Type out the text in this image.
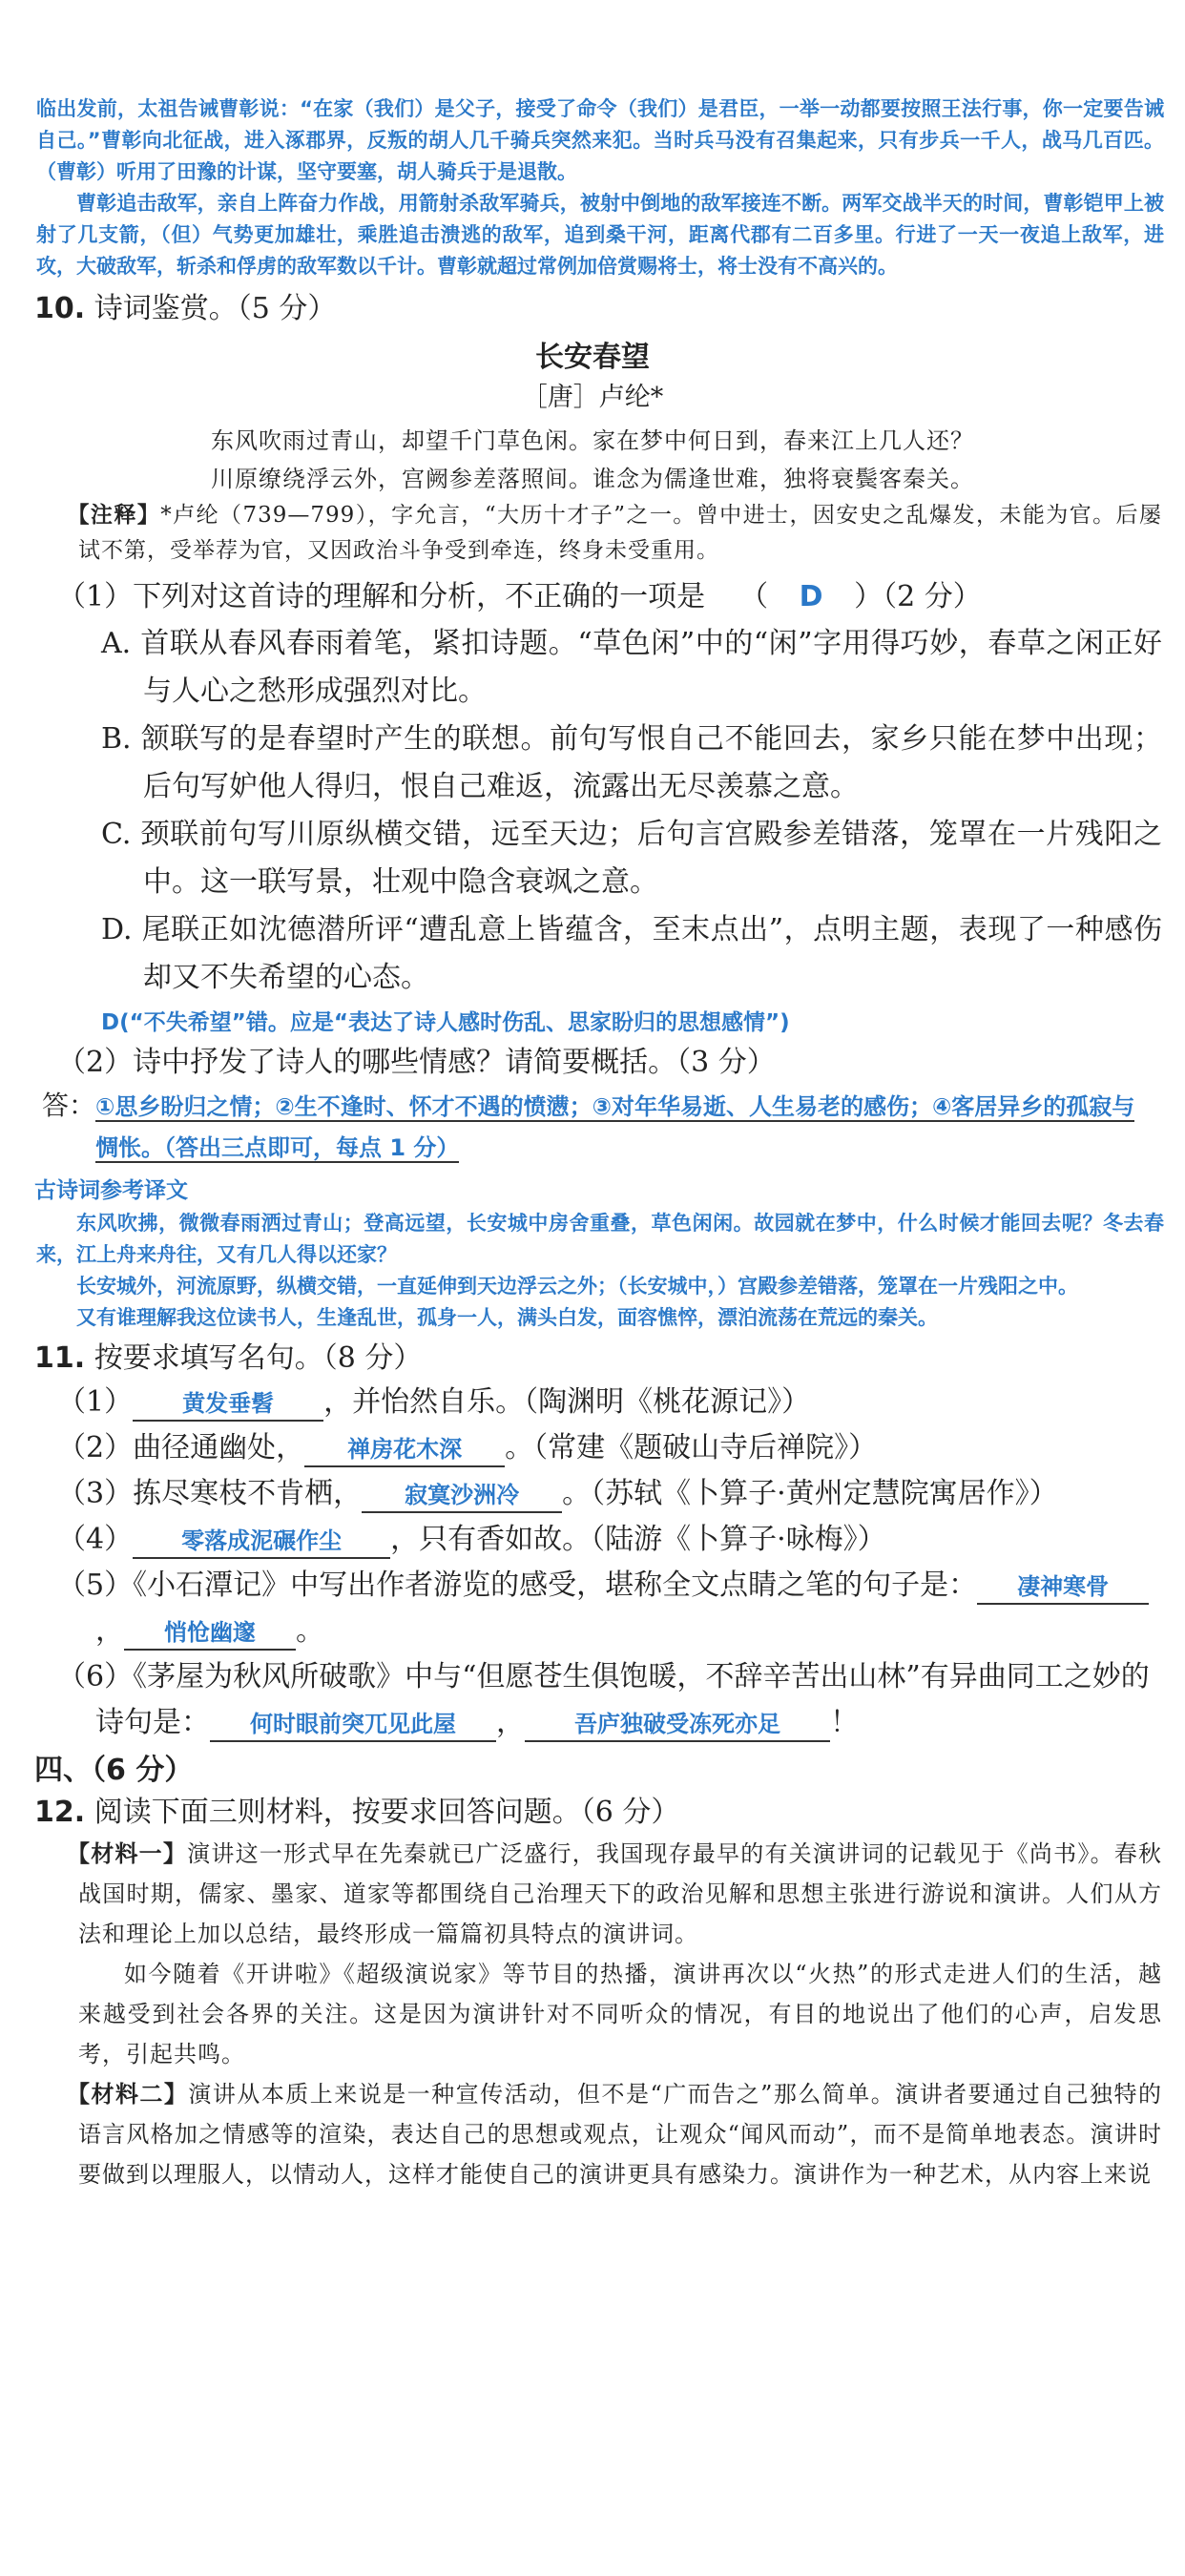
临出发前，太祖告诫曹彰说：“在家（我们）是父子，接受了命令（我们）是君臣，一举一动都要按照王法行事，你一定要告诫自己。”曹彰向北征战，进入涿郡界，反叛的胡人几千骑兵突然来犯。当时兵马没有召集起来，只有步兵一千人，战马几百匹。（曹彰）听用了田豫的计谋，坚守要塞，胡人骑兵于是退散。

曹彰追击敌军，亲自上阵奋力作战，用箭射杀敌军骑兵，被射中倒地的敌军接连不断。两军交战半天的时间，曹彰铠甲上被射了几支箭，（但）气势更加雄壮，乘胜追击溃逃的敌军，追到桑干河，距离代郡有二百多里。行进了一天一夜追上敌军，进攻，大破敌军，斩杀和俘虏的敌军数以千计。曹彰就超过常例加倍赏赐将士，将士没有不高兴的。

10. 诗词鉴赏。（5 分）

长安春望

［唐］卢纶*

东风吹雨过青山，却望千门草色闲。家在梦中何日到，春来江上几人还？

川原缭绕浮云外，宫阙参差落照间。谁念为儒逢世难，独将衰鬓客秦关。

【注释】*卢纶（739—799），字允言，“大历十才子”之一。曾中进士，因安史之乱爆发，未能为官。后屡试不第，受举荐为官，又因政治斗争受到牵连，终身未受重用。

（1）下列对这首诗的理解和分析，不正确的一项是 （ D ）（2 分）

A. 首联从春风春雨着笔，紧扣诗题。“草色闲”中的“闲”字用得巧妙，春草之闲正好与人心之愁形成强烈对比。

B. 颔联写的是春望时产生的联想。前句写恨自己不能回去，家乡只能在梦中出现；后句写妒他人得归，恨自己难返，流露出无尽羡慕之意。

C. 颈联前句写川原纵横交错，远至天边；后句言宫殿参差错落，笼罩在一片残阳之中。这一联写景，壮观中隐含衰飒之意。

D. 尾联正如沈德潜所评“遭乱意上皆蕴含，至末点出”，点明主题，表现了一种感伤却又不失希望的心态。

D(“不失希望”错。应是“表达了诗人感时伤乱、思家盼归的思想感情”)

（2）诗中抒发了诗人的哪些情感？请简要概括。（3 分）

答：①思乡盼归之情；②生不逢时、怀才不遇的愤懑；③对年华易逝、人生易老的感伤；④客居异乡的孤寂与惆怅。（答出三点即可，每点 1 分）

古诗词参考译文

东风吹拂，微微春雨洒过青山；登高远望，长安城中房舍重叠，草色闲闲。故园就在梦中，什么时候才能回去呢？冬去春来，江上舟来舟往，又有几人得以还家？

长安城外，河流原野，纵横交错，一直延伸到天边浮云之外；（长安城中，）宫殿参差错落，笼罩在一片残阳之中。

又有谁理解我这位读书人，生逢乱世，孤身一人，满头白发，面容憔悴，漂泊流荡在荒远的秦关。

11. 按要求填写名句。（8 分）

（1） 黄发垂髫 ，并怡然自乐。（陶渊明《桃花源记》）

（2）曲径通幽处， 禅房花木深 。（常建《题破山寺后禅院》）

（3）拣尽寒枝不肯栖， 寂寞沙洲冷 。（苏轼《卜算子·黄州定慧院寓居作》）

（4） 零落成泥碾作尘 ，只有香如故。（陆游《卜算子·咏梅》）

（5）《小石潭记》中写出作者游览的感受，堪称全文点睛之笔的句子是： 凄神寒骨， 悄怆幽邃 。

（6）《茅屋为秋风所破歌》中与“但愿苍生俱饱暖，不辞辛苦出山林”有异曲同工之妙的诗句是： 何时眼前突兀见此屋 ， 吾庐独破受冻死亦足 ！

四、（6 分）

12. 阅读下面三则材料，按要求回答问题。（6 分）

【材料一】演讲这一形式早在先秦就已广泛盛行，我国现存最早的有关演讲词的记载见于《尚书》。春秋战国时期，儒家、墨家、道家等都围绕自己治理天下的政治见解和思想主张进行游说和演讲。人们从方法和理论上加以总结，最终形成一篇篇初具特点的演讲词。

如今随着《开讲啦》《超级演说家》等节目的热播，演讲再次以“火热”的形式走进人们的生活，越来越受到社会各界的关注。这是因为演讲针对不同听众的情况，有目的地说出了他们的心声，启发思考，引起共鸣。

【材料二】演讲从本质上来说是一种宣传活动，但不是“广而告之”那么简单。演讲者要通过自己独特的语言风格加之情感等的渲染，表达自己的思想或观点，让观众“闻风而动”，而不是简单地表态。演讲时要做到以理服人，以情动人，这样才能使自己的演讲更具有感染力。演讲作为一种艺术，从内容上来说
